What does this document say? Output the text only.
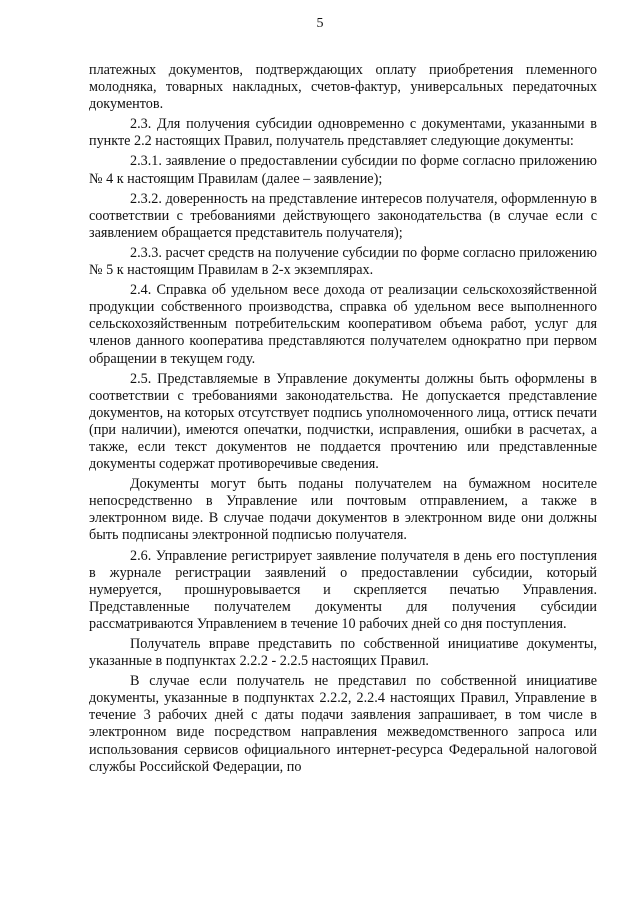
5

платежных документов, подтверждающих оплату приобретения племенного молодняка, товарных накладных, счетов-фактур, универсальных передаточных документов.

2.3. Для получения субсидии одновременно с документами, указанными в пункте 2.2 настоящих Правил, получатель представляет следующие документы:

2.3.1. заявление о предоставлении субсидии по форме согласно приложению № 4 к настоящим Правилам (далее – заявление);

2.3.2. доверенность на представление интересов получателя, оформленную в соответствии с требованиями действующего законодательства (в случае если с заявлением обращается представитель получателя);

2.3.3. расчет средств на получение субсидии по форме согласно приложению № 5 к настоящим Правилам в 2-х экземплярах.

2.4. Справка об удельном весе дохода от реализации сельскохозяйственной продукции собственного производства, справка об удельном весе выполненного сельскохозяйственным потребительским кооперативом объема работ, услуг для членов данного кооператива представляются получателем однократно при первом обращении в текущем году.

2.5. Представляемые в Управление документы должны быть оформлены в соответствии с требованиями законодательства. Не допускается представление документов, на которых отсутствует подпись уполномоченного лица, оттиск печати (при наличии), имеются опечатки, подчистки, исправления, ошибки в расчетах, а также, если текст документов не поддается прочтению или представленные документы содержат противоречивые сведения.

Документы могут быть поданы получателем на бумажном носителе непосредственно в Управление или почтовым отправлением, а также в электронном виде. В случае подачи документов в электронном виде они должны быть подписаны электронной подписью получателя.

2.6. Управление регистрирует заявление получателя в день его поступления в журнале регистрации заявлений о предоставлении субсидии, который нумеруется, прошнуровывается и скрепляется печатью Управления. Представленные получателем документы для получения субсидии рассматриваются Управлением в течение 10 рабочих дней со дня поступления.

Получатель вправе представить по собственной инициативе документы, указанные в подпунктах 2.2.2 - 2.2.5 настоящих Правил.

В случае если получатель не представил по собственной инициативе документы, указанные в подпунктах 2.2.2, 2.2.4 настоящих Правил, Управление в течение 3 рабочих дней с даты подачи заявления запрашивает, в том числе в электронном виде посредством направления межведомственного запроса или использования сервисов официального интернет-ресурса Федеральной налоговой службы Российской Федерации, по
